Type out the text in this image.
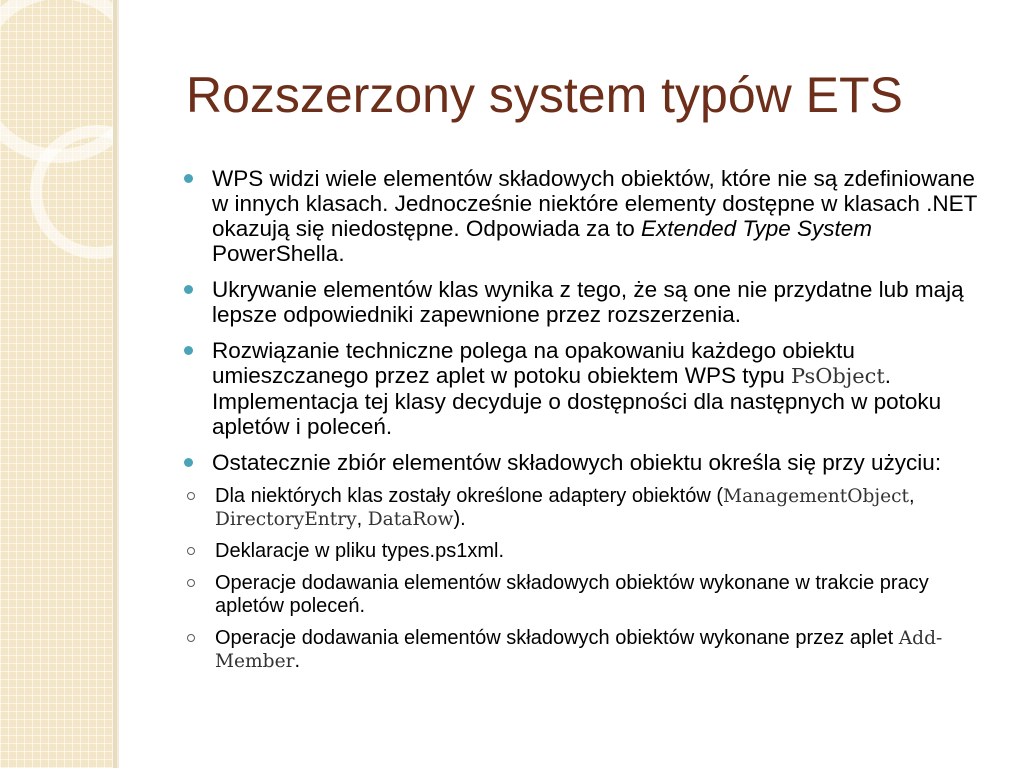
Rozszerzony system typów ETS
WPS widzi wiele elementów składowych obiektów, które nie są zdefiniowane w innych klasach. Jednocześnie niektóre elementy dostępne w klasach .NET okazują się niedostępne. Odpowiada za to Extended Type System PowerShella.
Ukrywanie elementów klas wynika z tego, że są one nie przydatne lub mają lepsze odpowiedniki zapewnione przez rozszerzenia.
Rozwiązanie techniczne polega na opakowaniu każdego obiektu umieszczanego przez aplet w potoku obiektem WPS typu PsObject. Implementacja tej klasy decyduje o dostępności dla następnych w potoku apletów i poleceń.
Ostatecznie zbiór elementów składowych obiektu określa się przy użyciu:
Dla niektórych klas zostały określone adaptery obiektów (ManagementObject, DirectoryEntry, DataRow).
Deklaracje w pliku types.ps1xml.
Operacje dodawania elementów składowych obiektów wykonane w trakcie pracy apletów poleceń.
Operacje dodawania elementów składowych obiektów wykonane przez aplet Add-Member.
